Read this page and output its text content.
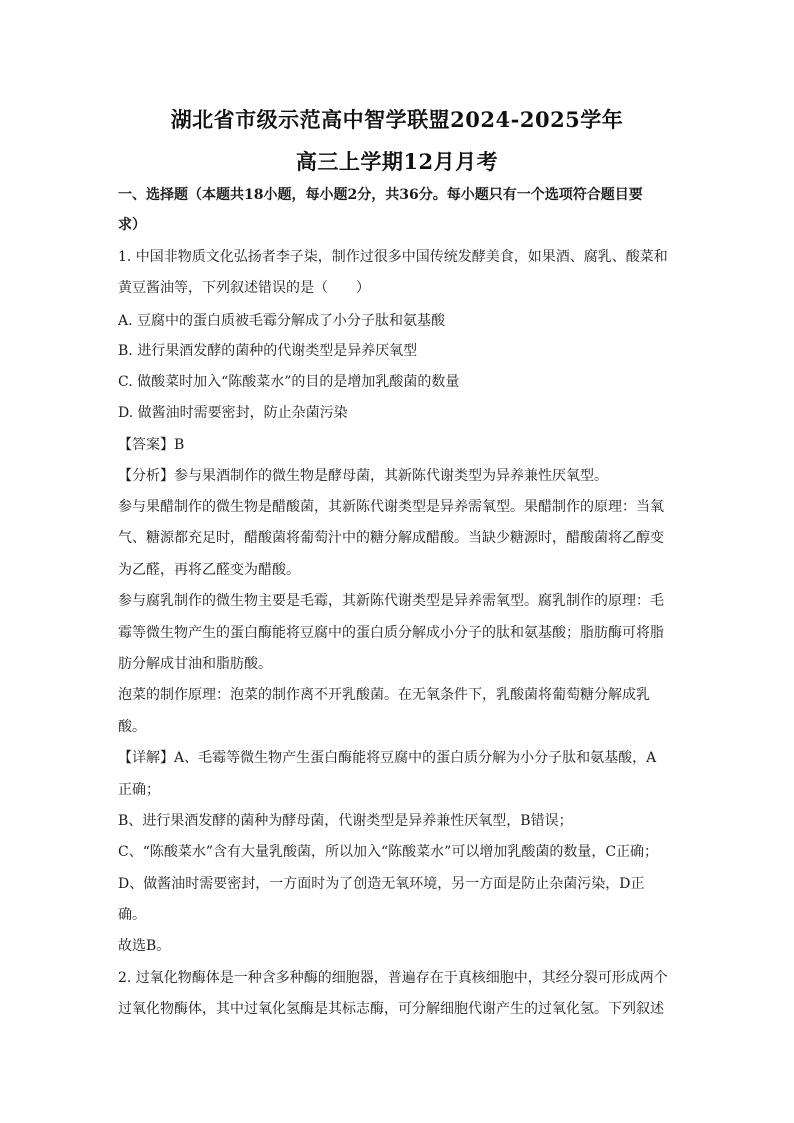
湖北省市级示范高中智学联盟2024-2025学年
高三上学期12月月考
一、选择题（本题共18小题，每小题2分，共36分。每小题只有一个选项符合题目要
求）
1. 中国非物质文化弘扬者李子柒，制作过很多中国传统发酵美食，如果酒、腐乳、酸菜和
黄豆酱油等，下列叙述错误的是（　　）
A. 豆腐中的蛋白质被毛霉分解成了小分子肽和氨基酸
B. 进行果酒发酵的菌种的代谢类型是异养厌氧型
C. 做酸菜时加入“陈酸菜水”的目的是增加乳酸菌的数量
D. 做酱油时需要密封，防止杂菌污染
【答案】B
【分析】参与果酒制作的微生物是酵母菌，其新陈代谢类型为异养兼性厌氧型。
参与果醋制作的微生物是醋酸菌，其新陈代谢类型是异养需氧型。果醋制作的原理：当氧
气、糖源都充足时，醋酸菌将葡萄汁中的糖分解成醋酸。当缺少糖源时，醋酸菌将乙醇变
为乙醛，再将乙醛变为醋酸。
参与腐乳制作的微生物主要是毛霉，其新陈代谢类型是异养需氧型。腐乳制作的原理：毛
霉等微生物产生的蛋白酶能将豆腐中的蛋白质分解成小分子的肽和氨基酸；脂肪酶可将脂
肪分解成甘油和脂肪酸。
泡菜的制作原理：泡菜的制作离不开乳酸菌。在无氧条件下，乳酸菌将葡萄糖分解成乳
酸。
【详解】A、毛霉等微生物产生蛋白酶能将豆腐中的蛋白质分解为小分子肽和氨基酸，A
正确；
B、进行果酒发酵的菌种为酵母菌，代谢类型是异养兼性厌氧型，B错误；
C、“陈酸菜水”含有大量乳酸菌，所以加入“陈酸菜水”可以增加乳酸菌的数量，C正确；
D、做酱油时需要密封，一方面时为了创造无氧环境，另一方面是防止杂菌污染，D正
确。
故选B。
2. 过氧化物酶体是一种含多种酶的细胞器，普遍存在于真核细胞中，其经分裂可形成两个
过氧化物酶体，其中过氧化氢酶是其标志酶，可分解细胞代谢产生的过氧化氢。下列叙述
